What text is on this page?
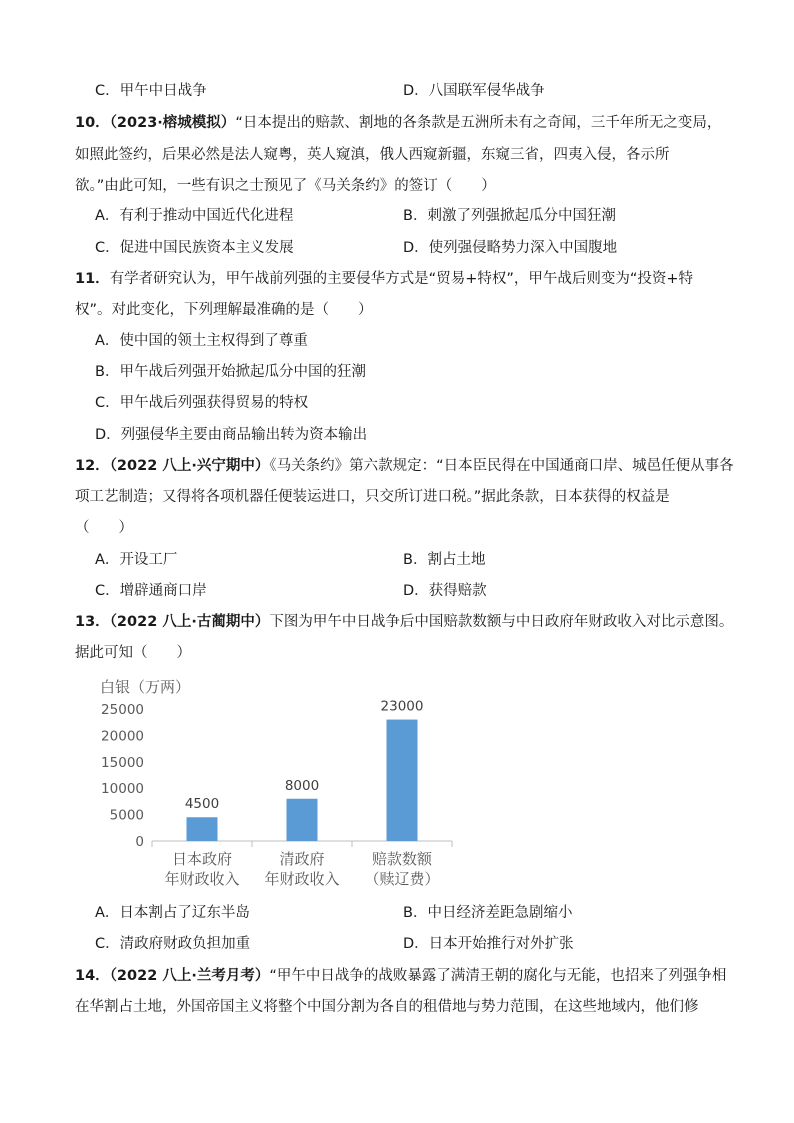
C．甲午中日战争	D．八国联军侵华战争
10．（2023·榕城模拟）“日本提出的赔款、割地的各条款是五洲所未有之奇闻，三千年所无之变局，
如照此签约，后果必然是法人窥粤，英人窥滇，俄人西窥新疆，东窥三省，四夷入侵，各示所
欲。”由此可知，一些有识之士预见了《马关条约》的签订（　　）
A．有利于推动中国近代化进程	B．刺激了列强掀起瓜分中国狂潮
C．促进中国民族资本主义发展	D．使列强侵略势力深入中国腹地
11．有学者研究认为，甲午战前列强的主要侵华方式是“贸易+特权”，甲午战后则变为“投资+特
权”。对此变化，下列理解最准确的是（　　）
A．使中国的领土主权得到了尊重
B．甲午战后列强开始掀起瓜分中国的狂潮
C．甲午战后列强获得贸易的特权
D．列强侵华主要由商品输出转为资本输出
12．（2022 八上·兴宁期中）《马关条约》第六款规定：“日本臣民得在中国通商口岸、城邑任便从事各
项工艺制造；又得将各项机器任便装运进口，只交所订进口税。”据此条款，日本获得的权益是
（　　）
A．开设工厂	B．割占土地
C．增辟通商口岸	D．获得赔款
13．（2022 八上·古蔺期中）下图为甲午中日战争后中国赔款数额与中日政府年财政收入对比示意图。
据此可知（　　）
白银（万两）
0
5000
10000
15000
20000
25000
4500
日本政府
年财政收入
8000
清政府
年财政收入
23000
赔款数额
（赎辽费）
A．日本割占了辽东半岛	B．中日经济差距急剧缩小
C．清政府财政负担加重	D．日本开始推行对外扩张
14．（2022 八上·兰考月考）“甲午中日战争的战败暴露了满清王朝的腐化与无能，也招来了列强争相
在华割占土地，外国帝国主义将整个中国分割为各自的租借地与势力范围，在这些地域内，他们修
